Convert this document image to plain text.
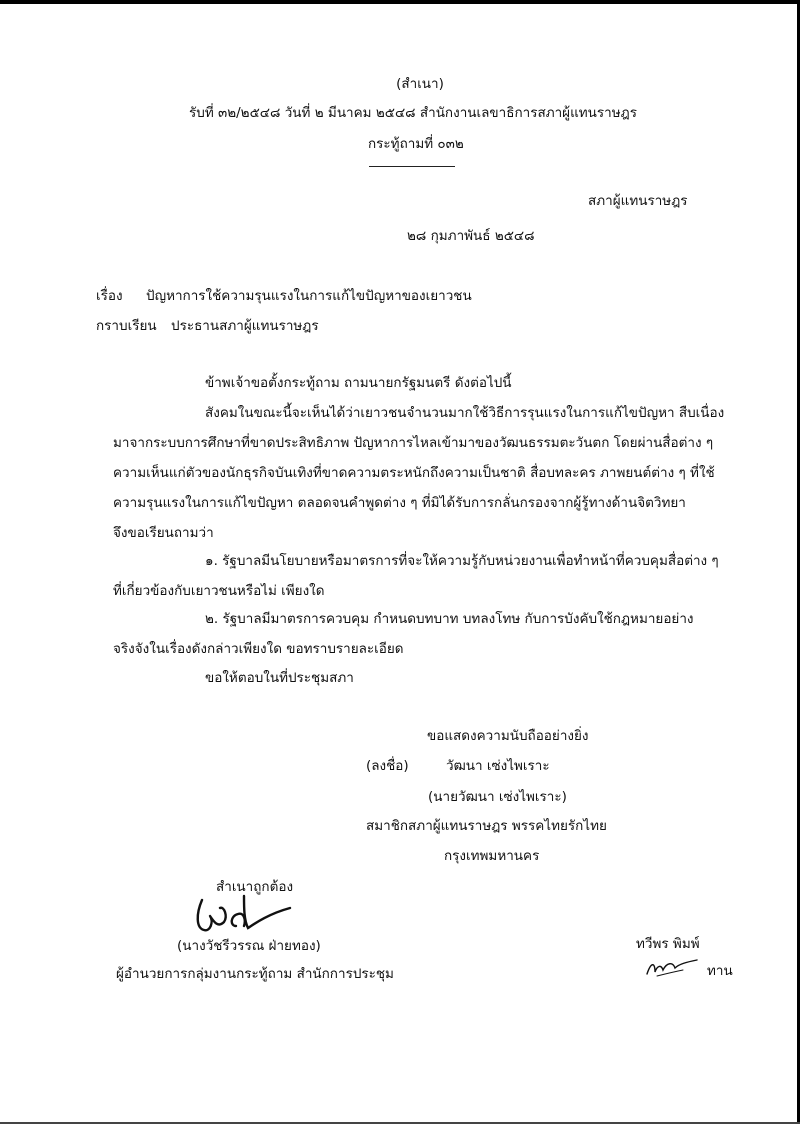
(สำเนา)
รับที่ ๓๒/๒๕๔๘ วันที่ ๒ มีนาคม ๒๕๔๘ สำนักงานเลขาธิการสภาผู้แทนราษฎร
กระทู้ถามที่ ๐๓๒
สภาผู้แทนราษฎร
๒๘ กุมภาพันธ์ ๒๕๔๘
เรื่อง ปัญหาการใช้ความรุนแรงในการแก้ไขปัญหาของเยาวชน
กราบเรียน ประธานสภาผู้แทนราษฎร
ข้าพเจ้าขอตั้งกระทู้ถาม ถามนายกรัฐมนตรี ดังต่อไปนี้
สังคมในขณะนี้จะเห็นได้ว่าเยาวชนจำนวนมากใช้วิธีการรุนแรงในการแก้ไขปัญหา สืบเนื่อง
มาจากระบบการศึกษาที่ขาดประสิทธิภาพ ปัญหาการไหลเข้ามาของวัฒนธรรมตะวันตก โดยผ่านสื่อต่าง ๆ
ความเห็นแก่ตัวของนักธุรกิจบันเทิงที่ขาดความตระหนักถึงความเป็นชาติ สื่อบทละคร ภาพยนต์ต่าง ๆ ที่ใช้
ความรุนแรงในการแก้ไขปัญหา ตลอดจนคำพูดต่าง ๆ ที่มิได้รับการกลั่นกรองจากผู้รู้ทางด้านจิตวิทยา
จึงขอเรียนถามว่า
๑. รัฐบาลมีนโยบายหรือมาตรการที่จะให้ความรู้กับหน่วยงานเพื่อทำหน้าที่ควบคุมสื่อต่าง ๆ
ที่เกี่ยวข้องกับเยาวชนหรือไม่ เพียงใด
๒. รัฐบาลมีมาตรการควบคุม กำหนดบทบาท บทลงโทษ กับการบังคับใช้กฎหมายอย่าง
จริงจังในเรื่องดังกล่าวเพียงใด ขอทราบรายละเอียด
ขอให้ตอบในที่ประชุมสภา
ขอแสดงความนับถืออย่างยิ่ง
(ลงชื่อ)	วัฒนา เซ่งไพเราะ
(นายวัฒนา เซ่งไพเราะ)
สมาชิกสภาผู้แทนราษฎร พรรคไทยรักไทย
กรุงเทพมหานคร
สำเนาถูกต้อง
(นางวัชรีวรรณ ฝ่ายทอง)
ผู้อำนวยการกลุ่มงานกระทู้ถาม สำนักการประชุม
ทวีพร พิมพ์
ทาน
